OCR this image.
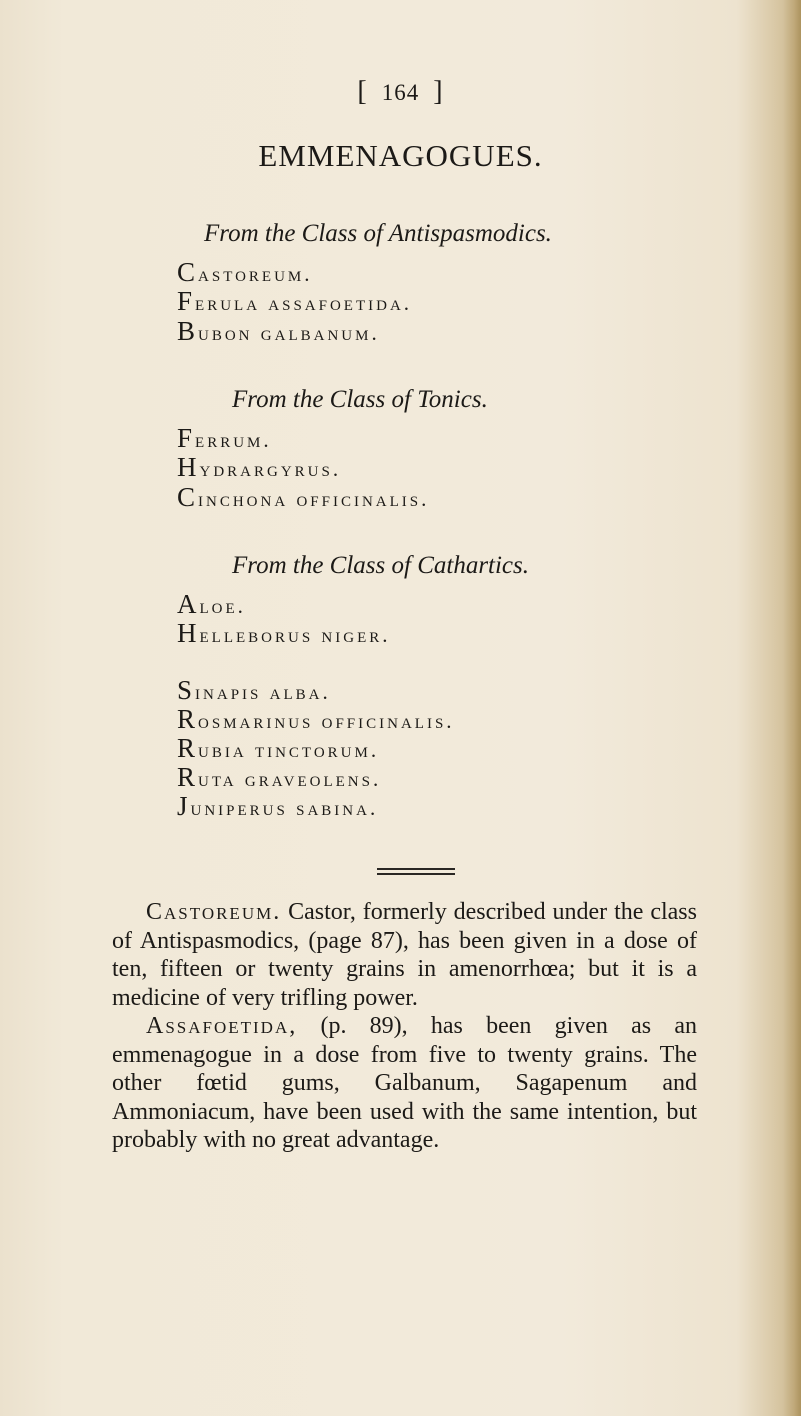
[ 164 ]
EMMENAGOGUES.
From the Class of Antispasmodics.
Castoreum.
Ferula assafoetida.
Bubon galbanum.
From the Class of Tonics.
Ferrum.
Hydrargyrus.
Cinchona officinalis.
From the Class of Cathartics.
Aloe.
Helleborus niger.
Sinapis alba.
Rosmarinus officinalis.
Rubia tinctorum.
Ruta graveolens.
Juniperus sabina.

Castoreum. Castor, formerly described under the class of Antispasmodics, (page 87), has been given in a dose of ten, fifteen or twenty grains in amenorrhœa; but it is a medicine of very trifling power.

Assafoetida, (p. 89), has been given as an emmenagogue in a dose from five to twenty grains. The other fœtid gums, Galbanum, Sagapenum and Ammoniacum, have been used with the same intention, but probably with no great advantage.
